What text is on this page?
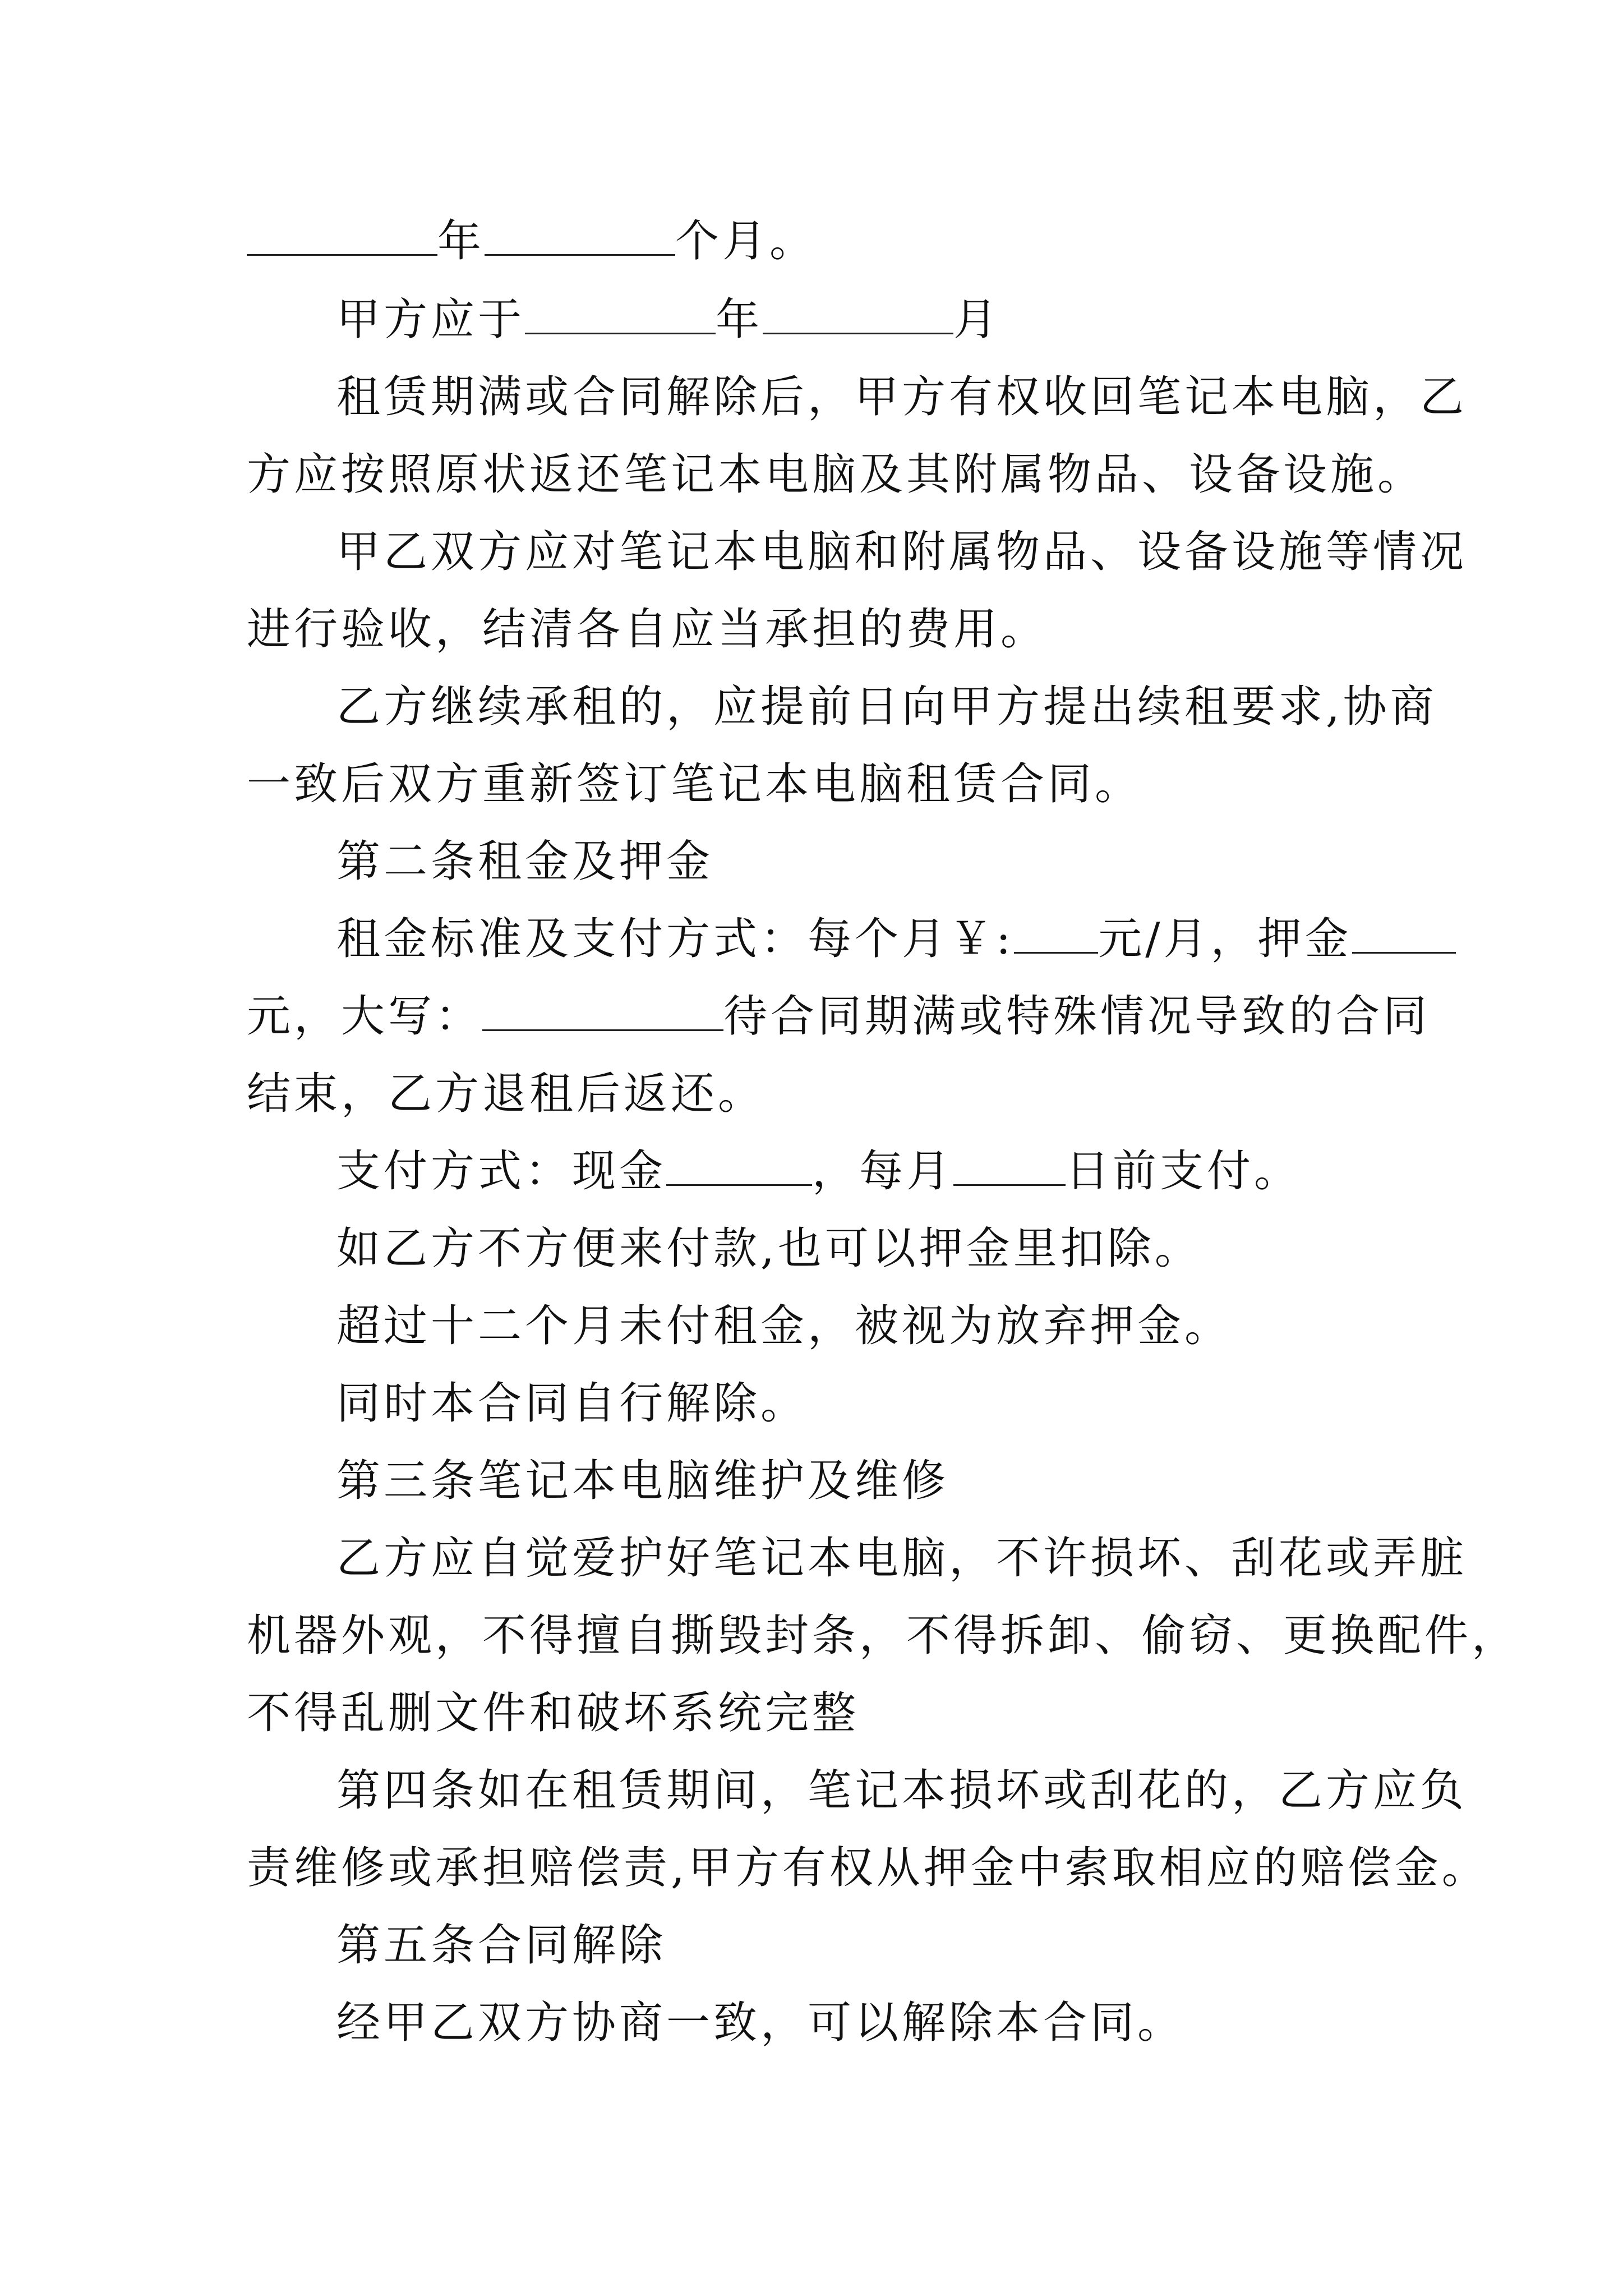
年	个月。
甲方应于	年	月
租赁期满或合同解除后，甲方有权收回笔记本电脑，乙
方应按照原状返还笔记本电脑及其附属物品、设备设施。
甲乙双方应对笔记本电脑和附属物品、设备设施等情况
进行验收，结清各自应当承担的费用。
乙方继续承租的，应提前日向甲方提出续租要求,协商
一致后双方重新签订笔记本电脑租赁合同。
第二条租金及押金
租金标准及支付方式：每个月￥: 元/月，押金
元，大写：	待合同期满或特殊情况导致的合同
结束，乙方退租后返还。
支付方式：现金	，每月	日前支付。
如乙方不方便来付款,也可以押金里扣除。
超过十二个月未付租金，被视为放弃押金。
同时本合同自行解除。
第三条笔记本电脑维护及维修
乙方应自觉爱护好笔记本电脑，不许损坏、刮花或弄脏
机器外观，不得擅自撕毁封条，不得拆卸、偷窃、更换配件，
不得乱删文件和破坏系统完整
第四条如在租赁期间，笔记本损坏或刮花的，乙方应负
责维修或承担赔偿责,甲方有权从押金中索取相应的赔偿金。
第五条合同解除
经甲乙双方协商一致，可以解除本合同。
